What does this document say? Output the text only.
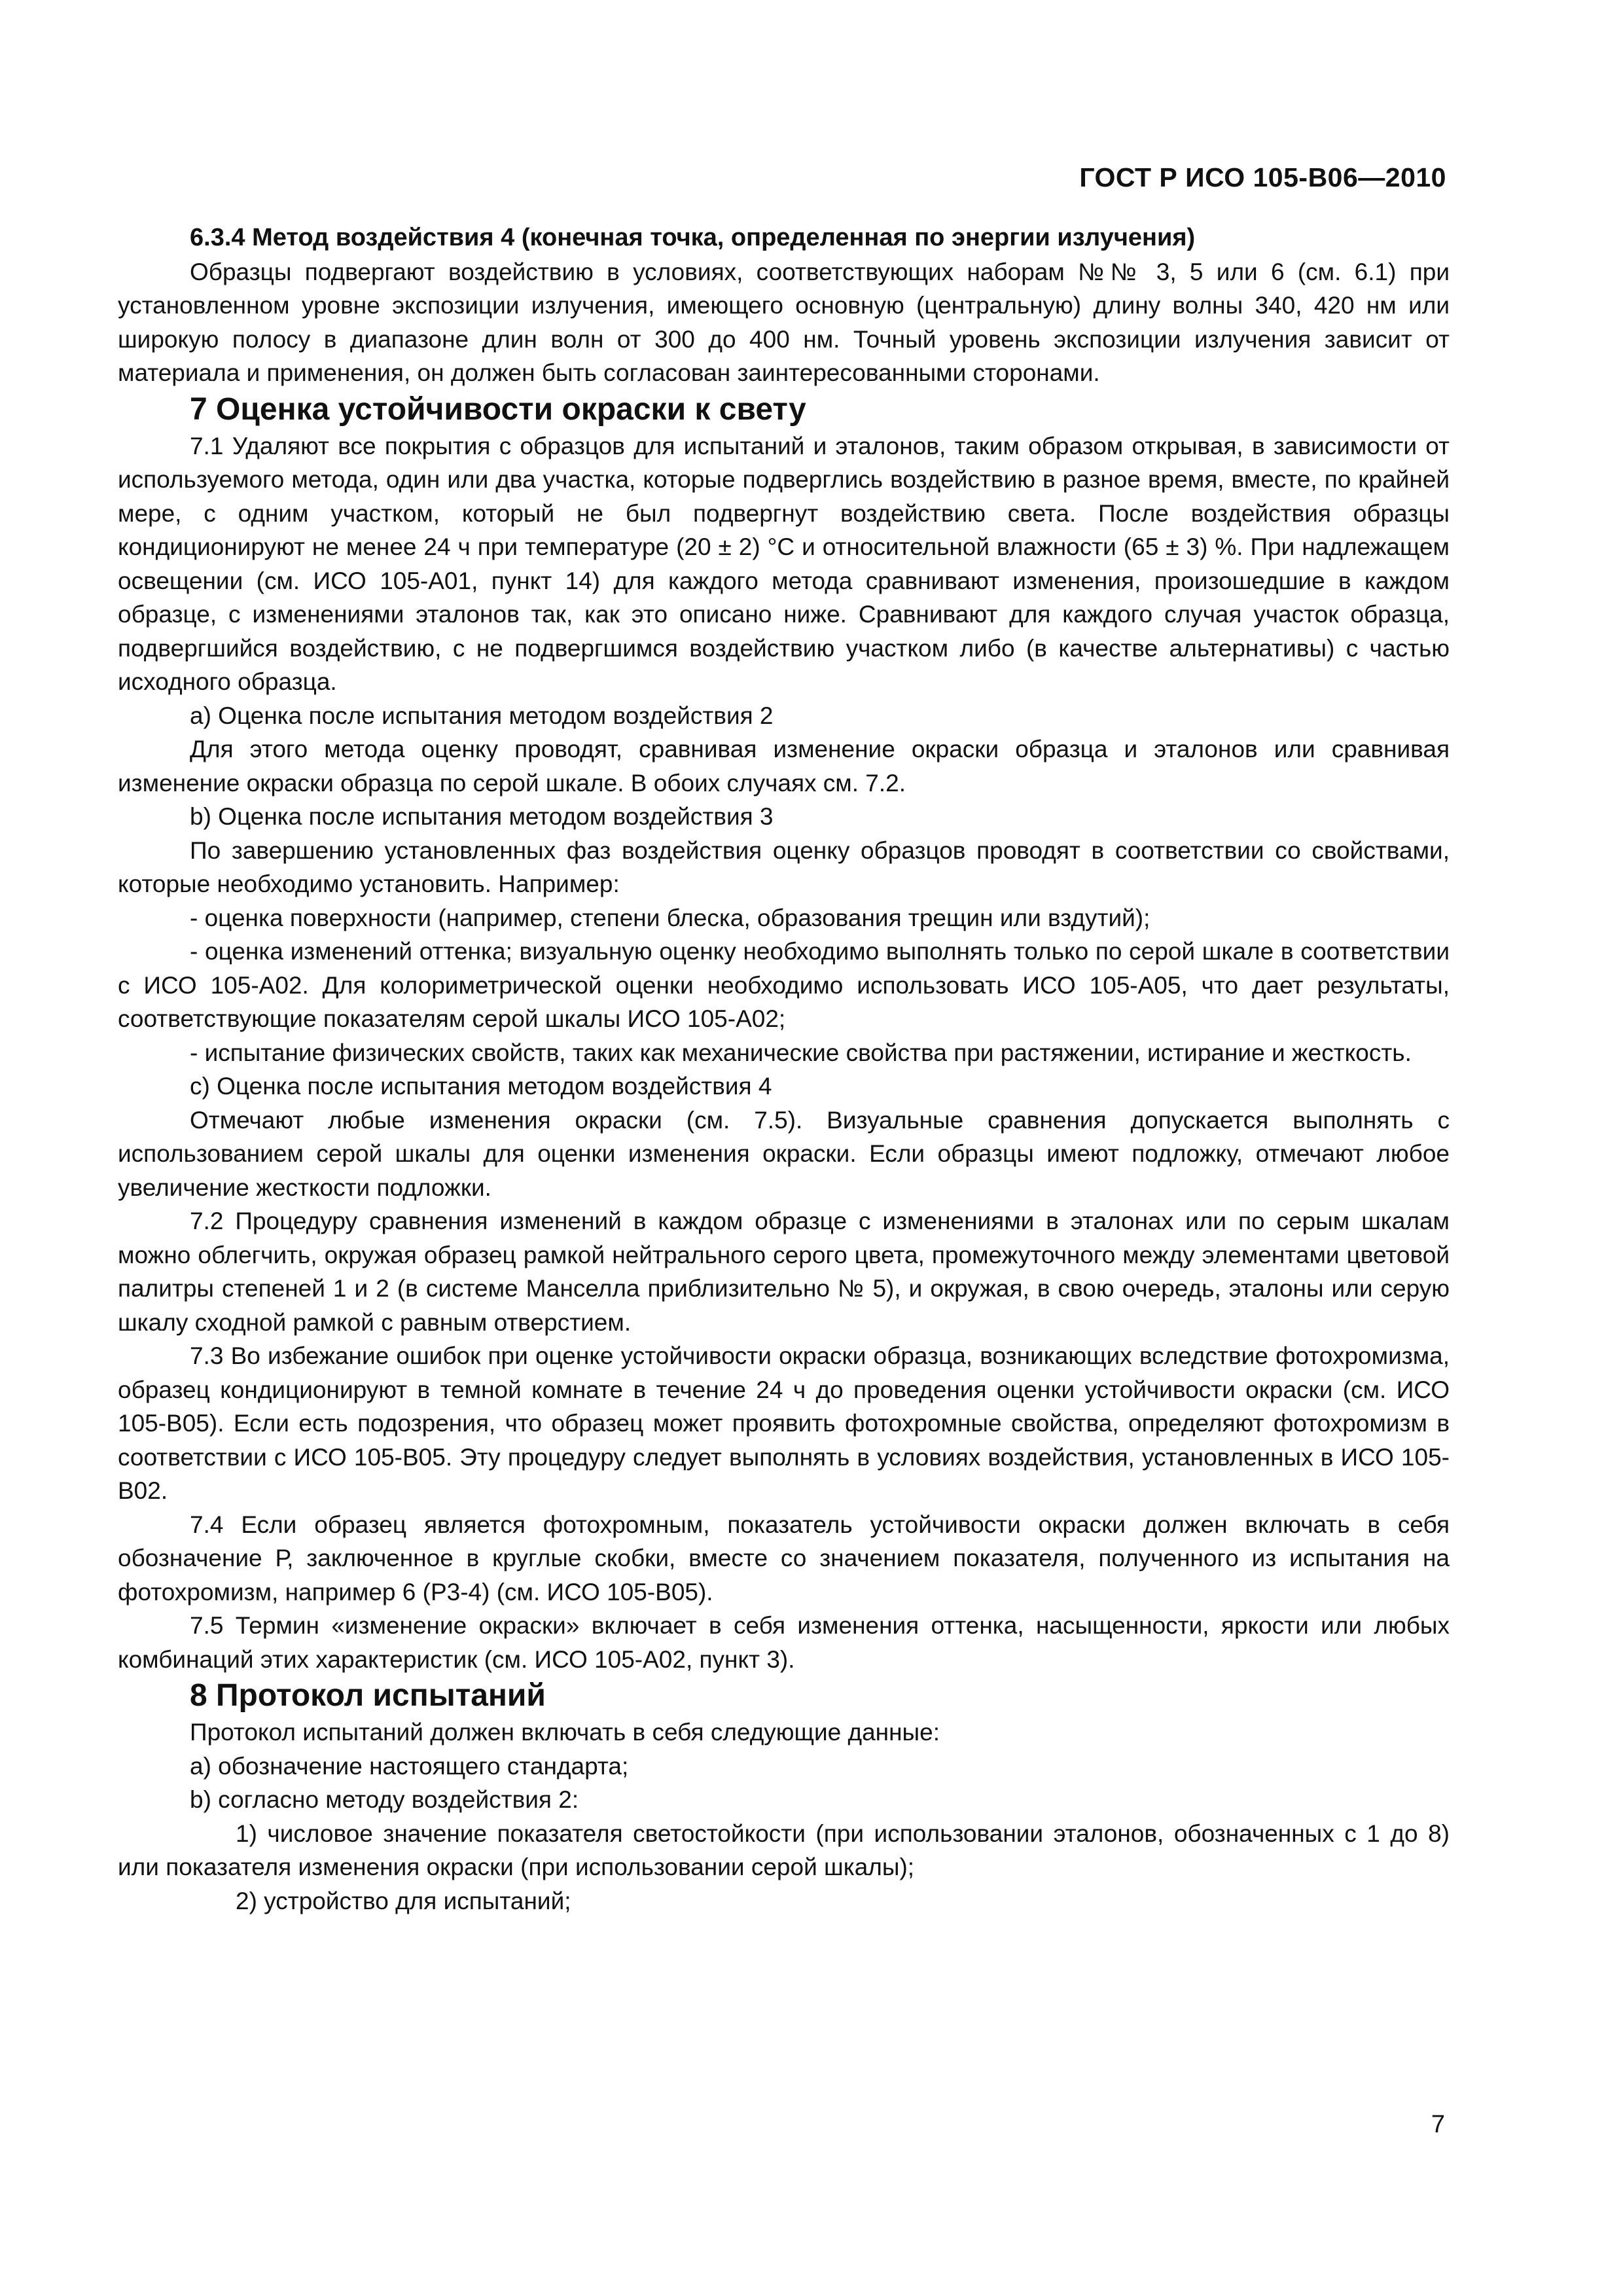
ГОСТ Р ИСО 105-В06—2010

6.3.4 Метод воздействия 4 (конечная точка, определенная по энергии излучения)

Образцы подвергают воздействию в условиях, соответствующих наборам №№ 3, 5 или 6 (см. 6.1) при установленном уровне экспозиции излучения, имеющего основную (центральную) длину волны 340, 420 нм или широкую полосу в диапазоне длин волн от 300 до 400 нм. Точный уровень экспозиции излучения зависит от материала и применения, он должен быть согласован заинтересованными сторонами.

7 Оценка устойчивости окраски к свету

7.1 Удаляют все покрытия с образцов для испытаний и эталонов, таким образом открывая, в зависимости от используемого метода, один или два участка, которые подверглись воздействию в разное время, вместе, по крайней мере, с одним участком, который не был подвергнут воздействию света. После воздействия образцы кондиционируют не менее 24 ч при температуре (20 ± 2) °С и относительной влажности (65 ± 3) %. При надлежащем освещении (см. ИСО 105-А01, пункт 14) для каждого метода сравнивают изменения, произошедшие в каждом образце, с изменениями эталонов так, как это описано ниже. Сравнивают для каждого случая участок образца, подвергшийся воздействию, с не подвергшимся воздействию участком либо (в качестве альтернативы) с частью исходного образца.

а) Оценка после испытания методом воздействия 2

Для этого метода оценку проводят, сравнивая изменение окраски образца и эталонов или сравнивая изменение окраски образца по серой шкале. В обоих случаях см. 7.2.

b) Оценка после испытания методом воздействия 3

По завершению установленных фаз воздействия оценку образцов проводят в соответствии со свойствами, которые необходимо установить. Например:

- оценка поверхности (например, степени блеска, образования трещин или вздутий);

- оценка изменений оттенка; визуальную оценку необходимо выполнять только по серой шкале в соответствии с ИСО 105-А02. Для колориметрической оценки необходимо использовать ИСО 105-А05, что дает результаты, соответствующие показателям серой шкалы ИСО 105-А02;

- испытание физических свойств, таких как механические свойства при растяжении, истирание и жесткость.

с) Оценка после испытания методом воздействия 4

Отмечают любые изменения окраски (см. 7.5). Визуальные сравнения допускается выполнять с использованием серой шкалы для оценки изменения окраски. Если образцы имеют подложку, отмечают любое увеличение жесткости подложки.

7.2 Процедуру сравнения изменений в каждом образце с изменениями в эталонах или по серым шкалам можно облегчить, окружая образец рамкой нейтрального серого цвета, промежуточного между элементами цветовой палитры степеней 1 и 2 (в системе Манселла приблизительно № 5), и окружая, в свою очередь, эталоны или серую шкалу сходной рамкой с равным отверстием.

7.3 Во избежание ошибок при оценке устойчивости окраски образца, возникающих вследствие фотохромизма, образец кондиционируют в темной комнате в течение 24 ч до проведения оценки устойчивости окраски (см. ИСО 105-В05). Если есть подозрения, что образец может проявить фотохромные свойства, определяют фотохромизм в соответствии с ИСО 105-В05. Эту процедуру следует выполнять в условиях воздействия, установленных в ИСО 105-В02.

7.4 Если образец является фотохромным, показатель устойчивости окраски должен включать в себя обозначение Р, заключенное в круглые скобки, вместе со значением показателя, полученного из испытания на фотохромизм, например 6 (Р3-4) (см. ИСО 105-В05).

7.5 Термин «изменение окраски» включает в себя изменения оттенка, насыщенности, яркости или любых комбинаций этих характеристик (см. ИСО 105-А02, пункт 3).

8 Протокол испытаний

Протокол испытаний должен включать в себя следующие данные:

а) обозначение настоящего стандарта;

b) согласно методу воздействия 2:

1) числовое значение показателя светостойкости (при использовании эталонов, обозначенных с 1 до 8) или показателя изменения окраски (при использовании серой шкалы);

2) устройство для испытаний;

7
